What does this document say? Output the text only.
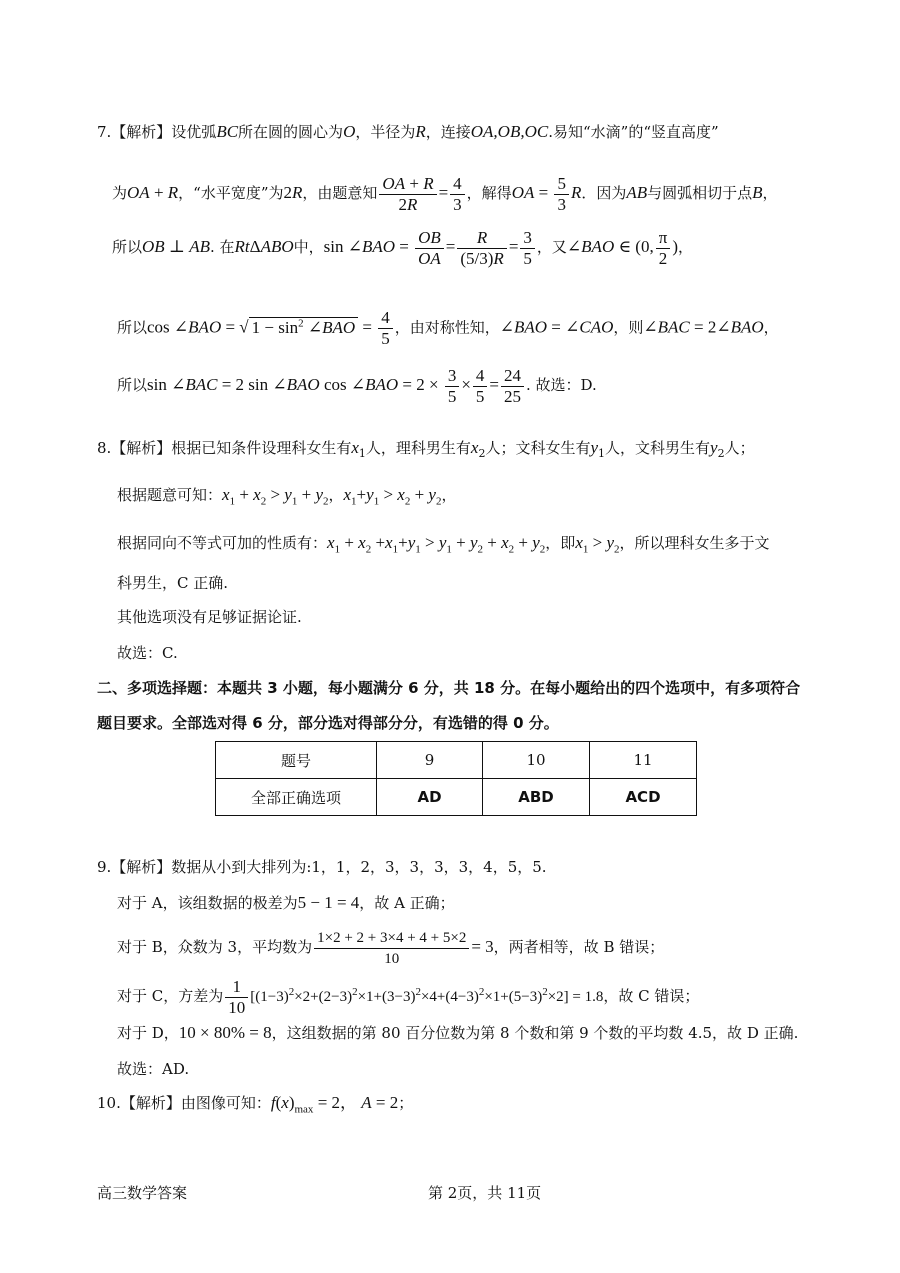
7.【解析】设优弧BC所在圆的圆心为O，半径为R，连接OA,OB,OC.易知“水滴”的“竖直高度”
为OA + R，“水平宽度”为2R，由题意知 $\frac{OA + R}{2R} = \frac{4}{3}$ ，解得OA = $\frac{5}{3}$ R．因为AB与圆弧相切于点B，
所以OB ⊥ AB. 在RtΔABO中，sin ∠BAO = $\frac{OB}{OA} = \frac{R}{(5/3)R} = \frac{3}{5}$ ，又∠BAO ∈ (0, $\frac{\pi}{2}$ )，
所以cos ∠BAO = √ $1 - \sin^2$ ∠BAO = $\frac{4}{5}$ ，由对称性知，∠BAO = ∠CAO，则∠BAC = 2∠BAO，
所以sin ∠BAC = 2 sin ∠BAO cos ∠BAO = $2 \times \frac{3}{5} \times \frac{4}{5} = \frac{24}{25}$ . 故选：D.
8.【解析】根据已知条件设理科女生有$x_1$人，理科男生有$x_2$人；文科女生有$y_1$人，文科男生有$y_2$人；
根据题意可知：$x_1 + x_2 > y_1 + y_2$，$x_1+y_1 > x_2 + y_2$，
根据同向不等式可加的性质有：$x_1 + x_2 +x_1+y_1 > y_1 + y_2 + x_2 + y_2$，即$x_1 > y_2$，所以理科女生多于文
科男生，C 正确.
其他选项没有足够证据论证.
故选：C.
二、多项选择题：本题共 3 小题，每小题满分 6 分，共 18 分。在每小题给出的四个选项中，有多项符合
题目要求。全部选对得 6 分，部分选对得部分分，有选错的得 0 分。
题号	9	10	11
全部正确选项	AD	ABD	ACD
9.【解析】数据从小到大排列为:1，1，2，3，3，3，3，4，5，5.
对于 A，该组数据的极差为5 − 1 = 4，故 A 正确；
对于 B，众数为 3，平均数为 $\frac{1\times 2 + 2 + 3\times 4 + 4 + 5\times 2}{10} = 3$，两者相等，故 B 错误；
对于 C，方差为 $\frac{1}{10} [(1-3)^2\times 2+(2-3)^2\times 1+(3-3)^2\times 4+(4-3)^2\times 1+(5-3)^2\times 2] = 1.8$，故 C 错误；
对于 D，10 × 80% = 8，这组数据的第 80 百分位数为第 8 个数和第 9 个数的平均数 4.5，故 D 正确.
故选：AD.
10.【解析】由图像可知：$f(x)_{max} = 2$， A = 2；
高三数学答案	第 2页，共 11页
